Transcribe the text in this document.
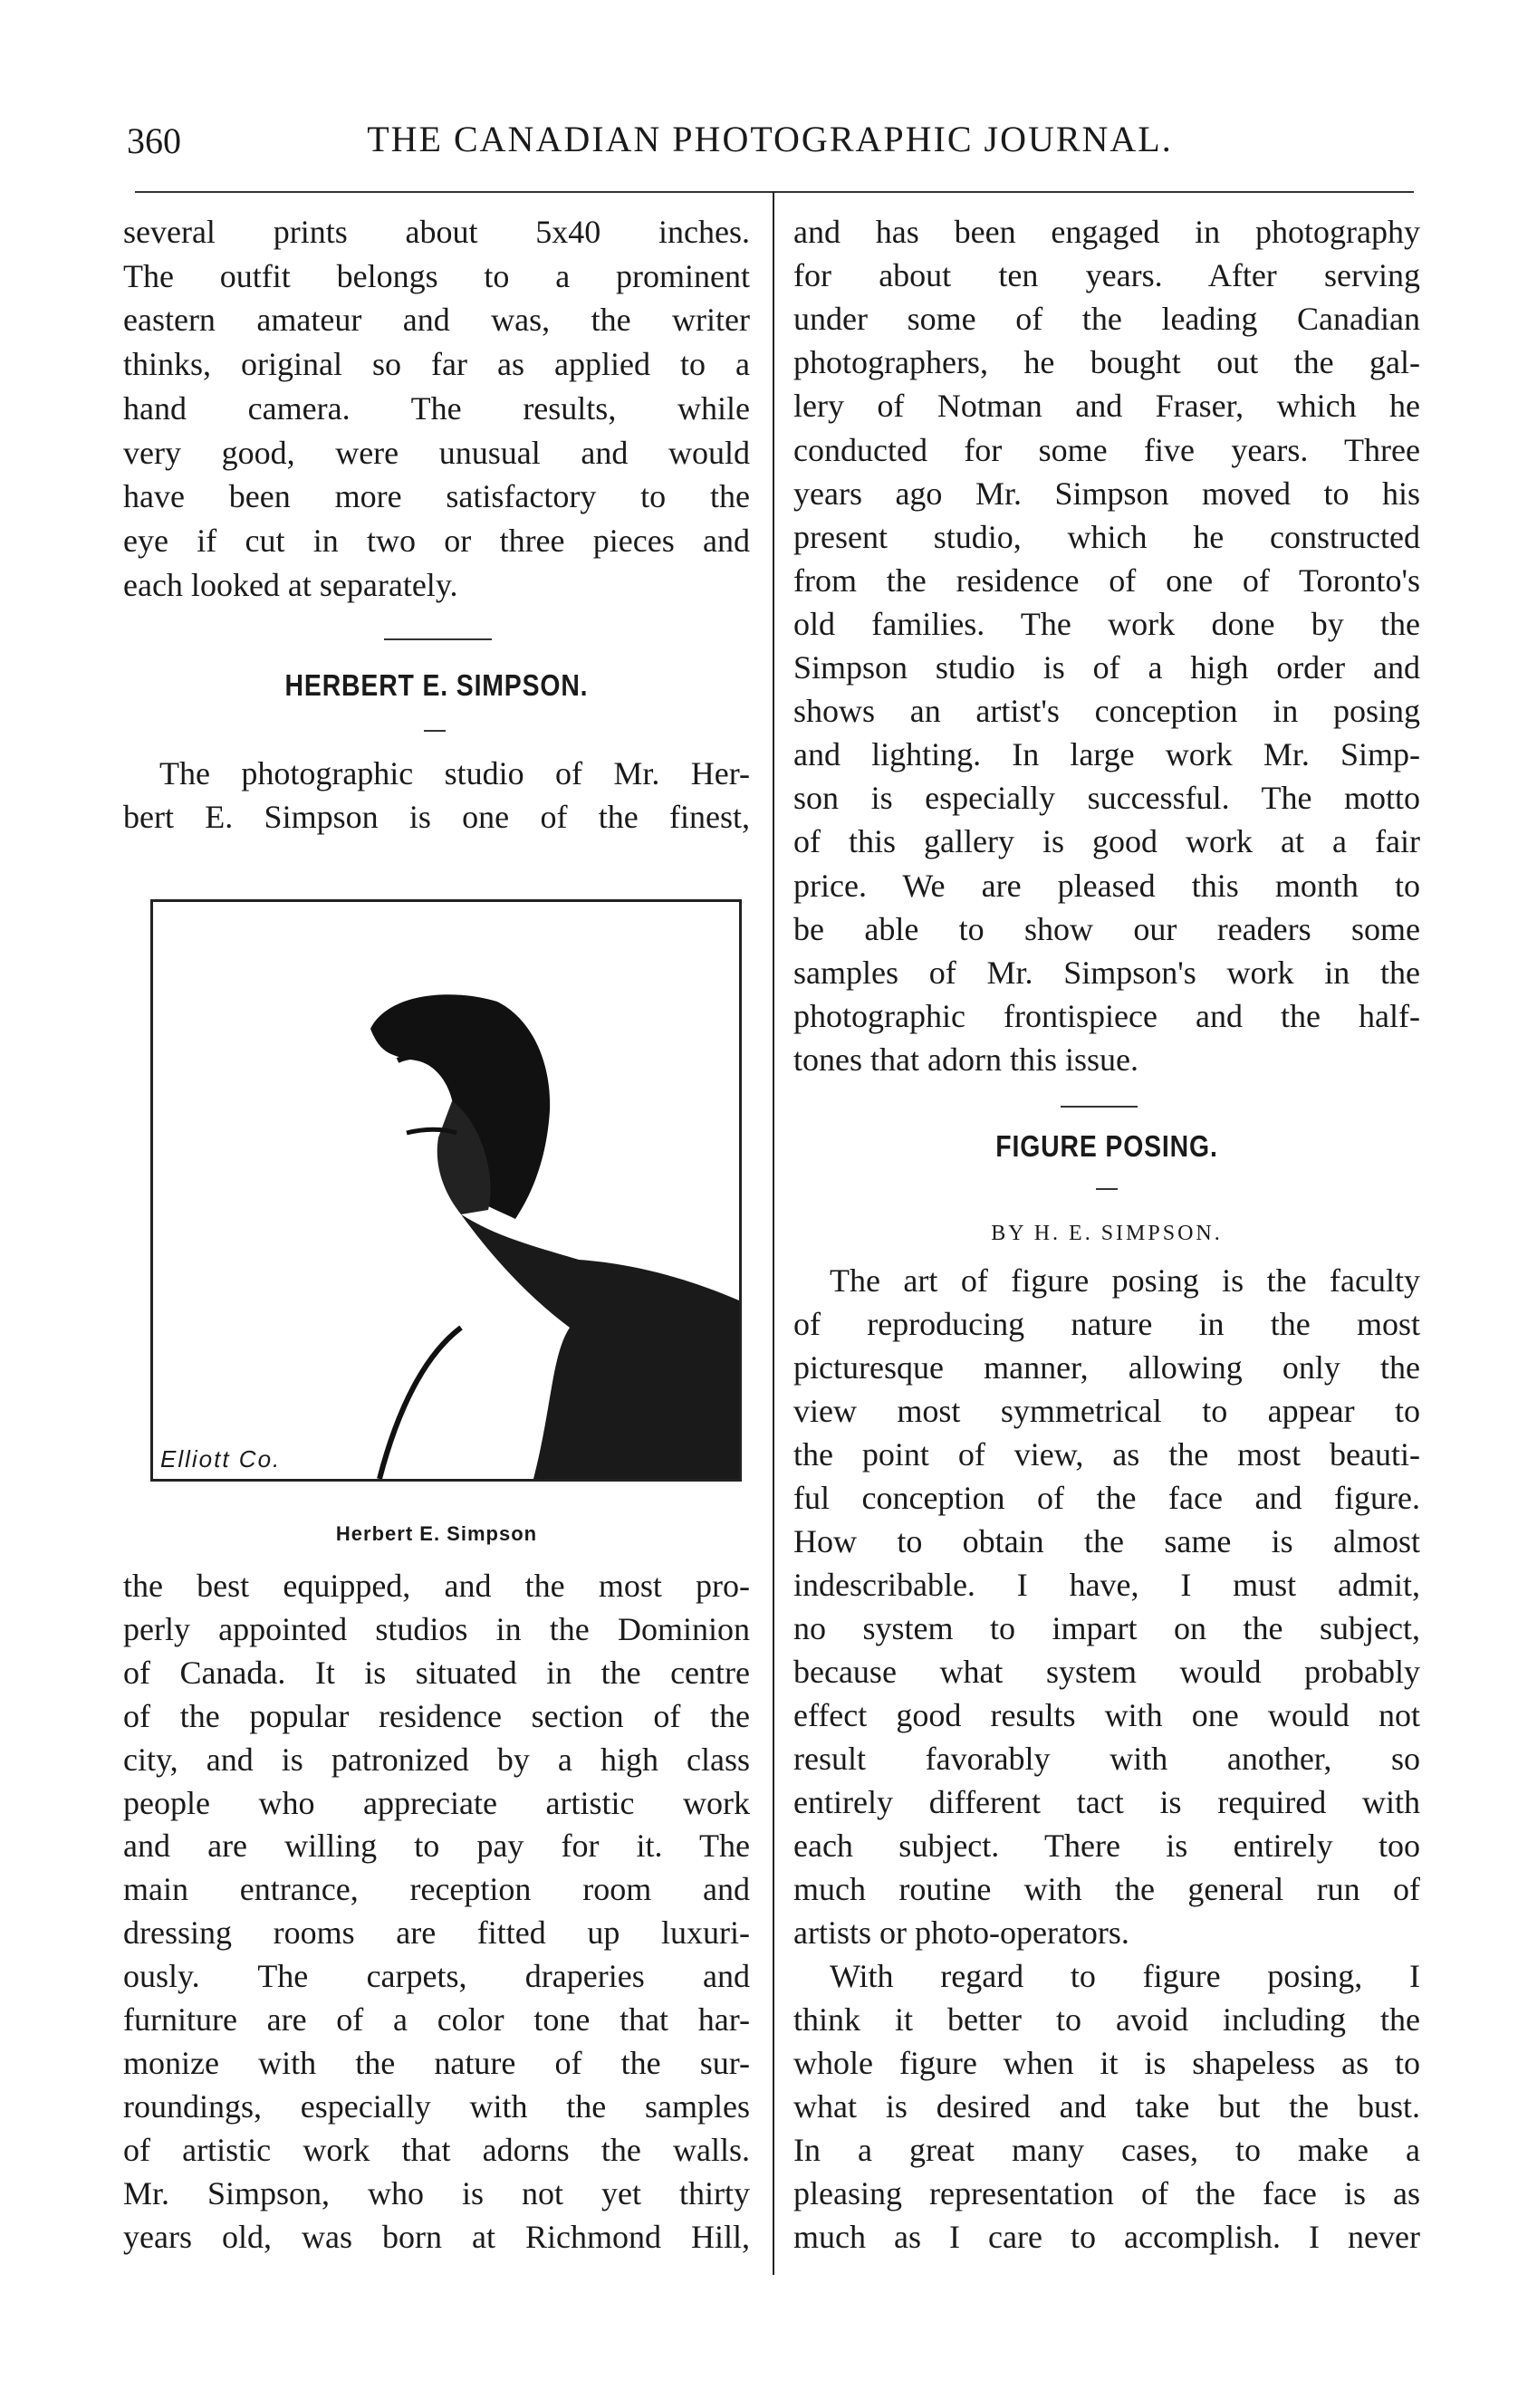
360	THE CANADIAN PHOTOGRAPHIC JOURNAL.
several prints about 5x40 inches.
The outfit belongs to a prominent
eastern amateur and was, the writer
thinks, original so far as applied to a
hand camera. The results, while
very good, were unusual and would
have been more satisfactory to the
eye if cut in two or three pieces and
each looked at separately.
The photographic studio of Mr. Her-
bert E. Simpson is one of the finest,
the best equipped, and the most pro-
perly appointed studios in the Dominion
of Canada. It is situated in the centre
of the popular residence section of the
city, and is patronized by a high class
people who appreciate artistic work
and are willing to pay for it. The
main entrance, reception room and
dressing rooms are fitted up luxuri-
ously. The carpets, draperies and
furniture are of a color tone that har-
monize with the nature of the sur-
roundings, especially with the samples
of artistic work that adorns the walls.
Mr. Simpson, who is not yet thirty
years old, was born at Richmond Hill,
and has been engaged in photography
for about ten years. After serving
under some of the leading Canadian
photographers, he bought out the gal-
lery of Notman and Fraser, which he
conducted for some five years. Three
years ago Mr. Simpson moved to his
present studio, which he constructed
from the residence of one of Toronto's
old families. The work done by the
Simpson studio is of a high order and
shows an artist's conception in posing
and lighting. In large work Mr. Simp-
son is especially successful. The motto
of this gallery is good work at a fair
price. We are pleased this month to
be able to show our readers some
samples of Mr. Simpson's work in the
photographic frontispiece and the half-
tones that adorn this issue.
The art of figure posing is the faculty
of reproducing nature in the most
picturesque manner, allowing only the
view most symmetrical to appear to
the point of view, as the most beauti-
ful conception of the face and figure.
How to obtain the same is almost
indescribable. I have, I must admit,
no system to impart on the subject,
because what system would probably
effect good results with one would not
result favorably with another, so
entirely different tact is required with
each subject. There is entirely too
much routine with the general run of
artists or photo-operators.
With regard to figure posing, I
think it better to avoid including the
whole figure when it is shapeless as to
what is desired and take but the bust.
In a great many cases, to make a
pleasing representation of the face is as
much as I care to accomplish. I never
HERBERT E. SIMPSON.
Elliott Co.
Herbert E. Simpson
FIGURE POSING.
BY H. E. SIMPSON.
